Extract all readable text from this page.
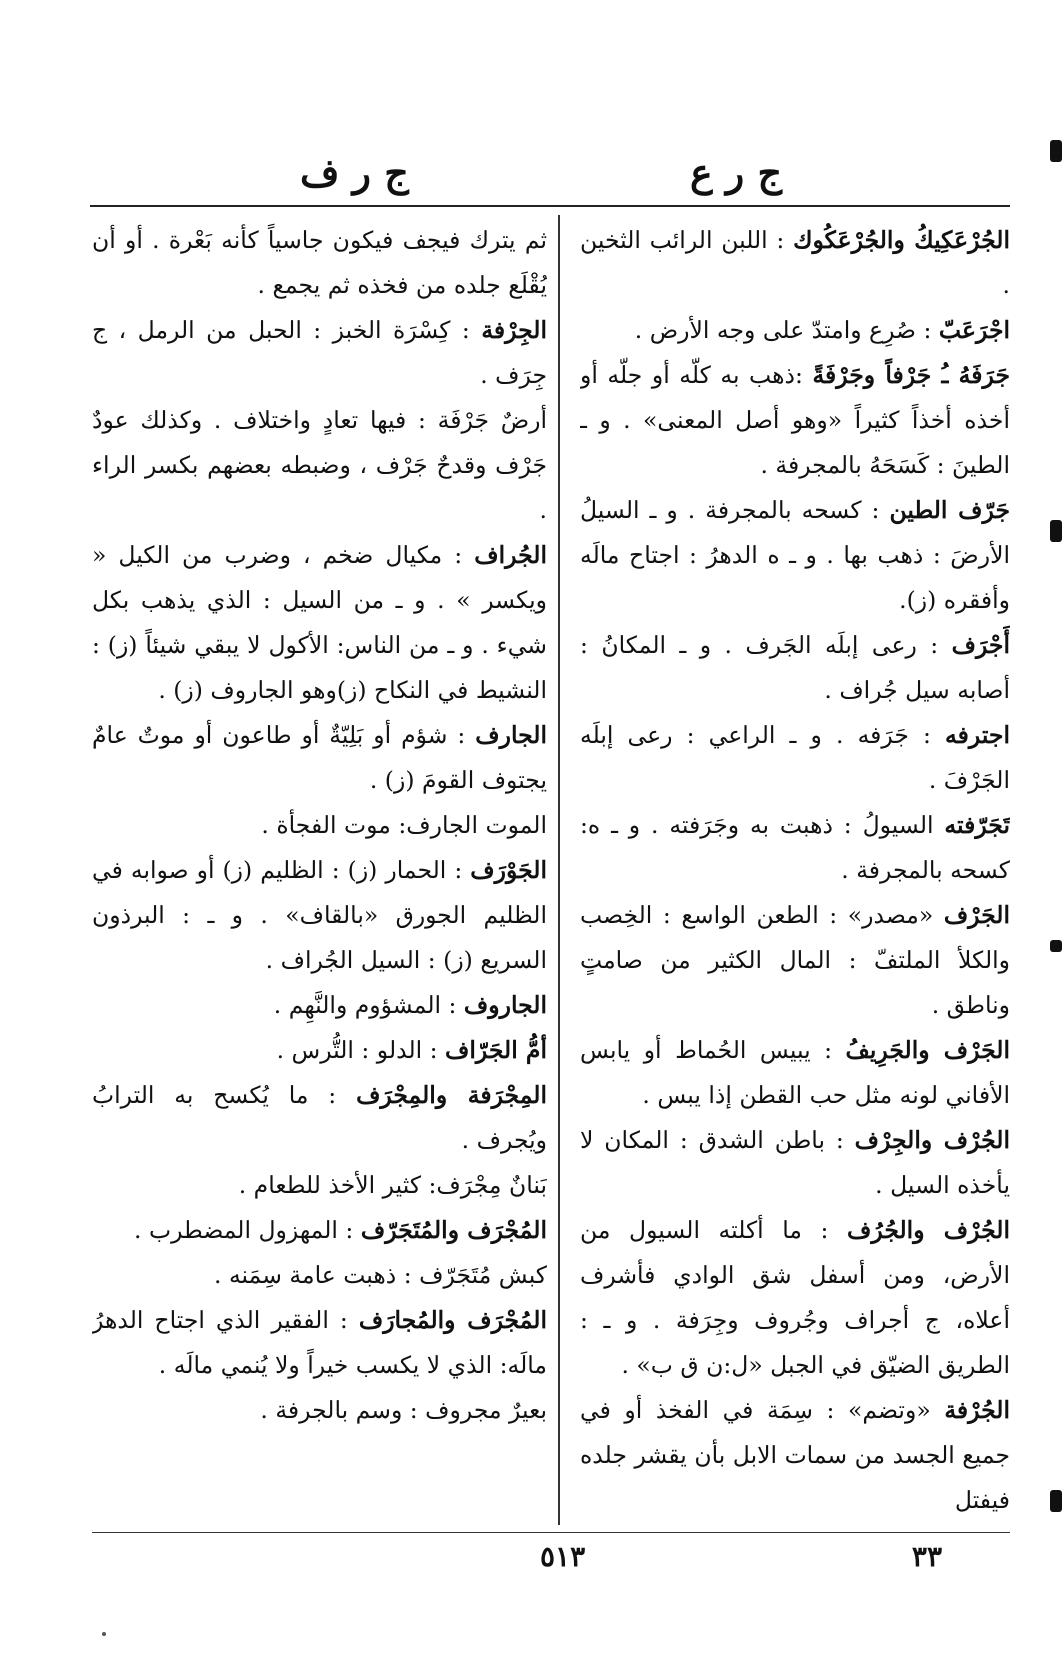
ج ر ع
ج ر ف

الجُرْعَكِيكُ والجُرْعَكُوك : اللبن الرائب الثخين .

اجْرَعَبّ : صُرِع وامتدّ على وجه الأرض .

جَرَفَهُ ـُ جَرْفاً وجَرْفَةً :ذهب به كلّه أو جلّه أو أخذه أخذاً كثيراً «وهو أصل المعنى» . و ـ الطينَ : كَسَحَهُ بالمجرفة .

جَرّف الطين : كسحه بالمجرفة . و ـ السيلُ الأرضَ : ذهب بها . و ـ ه الدهرُ : اجتاح مالَه وأفقره (ز).

أَجْرَف : رعى إبلَه الجَرف . و ـ المكانُ : أصابه سيل جُراف .

اجترفه : جَرَفه . و ـ الراعي : رعى إبلَه الجَرْفَ .

تَجَرّفته السيولُ : ذهبت به وجَرَفته . و ـ ه: كسحه بالمجرفة .

الجَرْف «مصدر» : الطعن الواسع : الخِصب والكلأ الملتفّ : المال الكثير من صامتٍ وناطق .

الجَرْف والجَرِيفُ : يبيس الحُماط أو يابس الأفاني لونه مثل حب القطن إذا يبس .

الجُرْف والجِرْف : باطن الشدق : المكان لا يأخذه السيل .

الجُرْف والجُرُف : ما أكلته السيول من الأرض، ومن أسفل شق الوادي فأشرف أعلاه، ج أجراف وجُروف وجِرَفة . و ـ : الطريق الضيّق في الجبل «ل:ن ق ب» .

الجُرْفة «وتضم» : سِمَة في الفخذ أو في جميع الجسد من سمات الابل بأن يقشر جلده فيفتل

ثم يترك فيجف فيكون جاسياً كأنه بَعْرة . أو أن يُقْلَع جلده من فخذه ثم يجمع .

الجِرْفة : كِسْرَة الخبز : الحبل من الرمل ، ج جِرَف .

أرضٌ جَرْفَة : فيها تعادٍ واختلاف . وكذلك عودٌ جَرْف وقدحٌ جَرْف ، وضبطه بعضهم بكسر الراء .

الجُراف : مكيال ضخم ، وضرب من الكيل « ويكسر » . و ـ من السيل : الذي يذهب بكل شيء . و ـ من الناس: الأكول لا يبقي شيئاً (ز) : النشيط في النكاح (ز)وهو الجاروف (ز) .

الجارف : شؤم أو بَلِيّةٌ أو طاعون أو موتٌ عامٌ يجتوف القومَ (ز) .

الموت الجارف: موت الفجأة .

الجَوْرَف : الحمار (ز) : الظليم (ز) أو صوابه في الظليم الجورق «بالقاف» . و ـ : البرذون السريع (ز) : السيل الجُراف .

الجاروف : المشؤوم والنَّهِم .

أمُّ الجَرّاف : الدلو : التُّرس .

المِجْرَفة والمِجْرَف : ما يُكسح به الترابُ ويُجرف .

بَنانٌ مِجْرَف: كثير الأخذ للطعام .

المُجْرَف والمُتَجَرّف : المهزول المضطرب .

كبش مُتَجَرّف : ذهبت عامة سِمَنه .

المُجْرَف والمُجارَف : الفقير الذي اجتاح الدهرُ مالَه: الذي لا يكسب خيراً ولا يُنمي مالَه .

بعيرٌ مجروف : وسم بالجرفة .

٥١٣	٣٣
